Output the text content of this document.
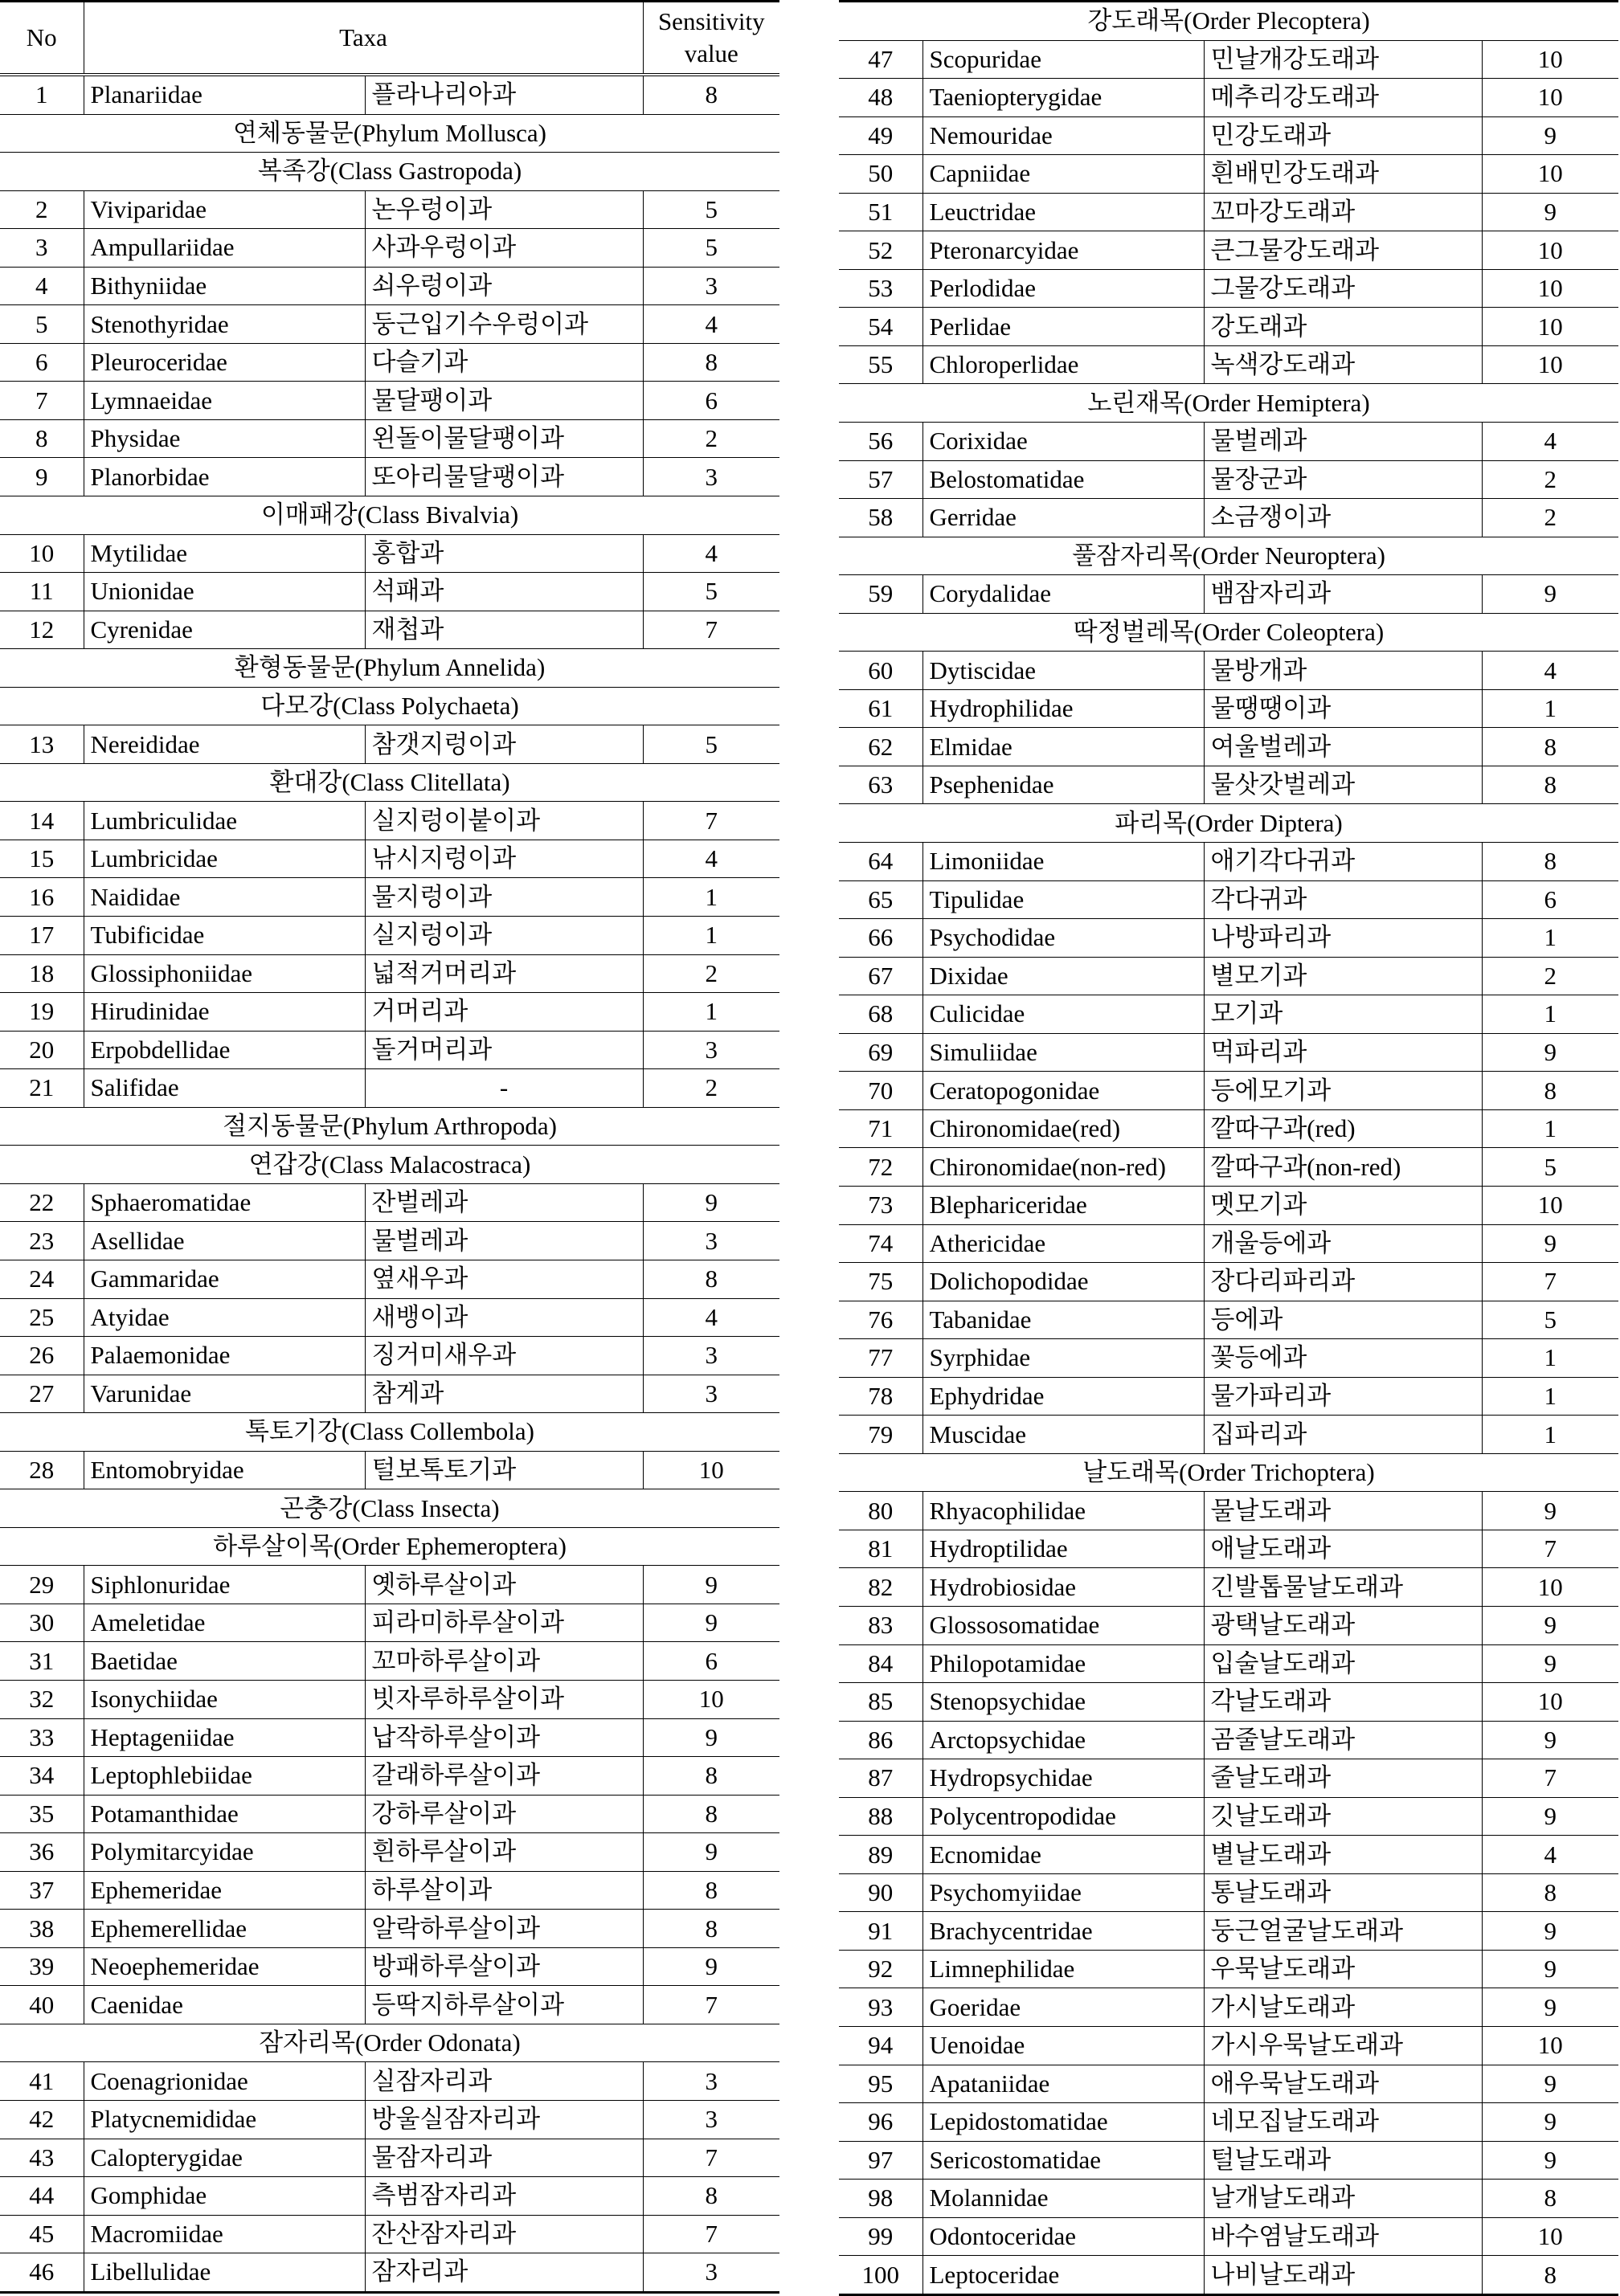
No	Taxa		Sensitivity
value

1	Planariidae	플라나리아과	8
연체동물문(Phylum Mollusca)			
복족강(Class Gastropoda)			
2	Viviparidae	논우렁이과	5
3	Ampullariidae	사과우렁이과	5
4	Bithyniidae	쇠우렁이과	3
5	Stenothyridae	둥근입기수우렁이과	4
6	Pleuroceridae	다슬기과	8
7	Lymnaeidae	물달팽이과	6
8	Physidae	왼돌이물달팽이과	2
9	Planorbidae	또아리물달팽이과	3
이매패강(Class Bivalvia)			
10	Mytilidae	홍합과	4
11	Unionidae	석패과	5
12	Cyrenidae	재첩과	7
환형동물문(Phylum Annelida)			
다모강(Class Polychaeta)			
13	Nereididae	참갯지렁이과	5
환대강(Class Clitellata)			
14	Lumbriculidae	실지렁이붙이과	7
15	Lumbricidae	낚시지렁이과	4
16	Naididae	물지렁이과	1
17	Tubificidae	실지렁이과	1
18	Glossiphoniidae	넓적거머리과	2
19	Hirudinidae	거머리과	1
20	Erpobdellidae	돌거머리과	3
21	Salifidae	-	2
절지동물문(Phylum Arthropoda)			
연갑강(Class Malacostraca)			
22	Sphaeromatidae	잔벌레과	9
23	Asellidae	물벌레과	3
24	Gammaridae	옆새우과	8
25	Atyidae	새뱅이과	4
26	Palaemonidae	징거미새우과	3
27	Varunidae	참게과	3
톡토기강(Class Collembola)			
28	Entomobryidae	털보톡토기과	10
곤충강(Class Insecta)			
하루살이목(Order Ephemeroptera)			
29	Siphlonuridae	옛하루살이과	9
30	Ameletidae	피라미하루살이과	9
31	Baetidae	꼬마하루살이과	6
32	Isonychiidae	빗자루하루살이과	10
33	Heptageniidae	납작하루살이과	9
34	Leptophlebiidae	갈래하루살이과	8
35	Potamanthidae	강하루살이과	8
36	Polymitarcyidae	흰하루살이과	9
37	Ephemeridae	하루살이과	8
38	Ephemerellidae	알락하루살이과	8
39	Neoephemeridae	방패하루살이과	9
40	Caenidae	등딱지하루살이과	7
잠자리목(Order Odonata)			
41	Coenagrionidae	실잠자리과	3
42	Platycnemididae	방울실잠자리과	3
43	Calopterygidae	물잠자리과	7
44	Gomphidae	측범잠자리과	8
45	Macromiidae	잔산잠자리과	7
46	Libellulidae	잠자리과	3
강도래목(Order Plecoptera)			
47	Scopuridae	민날개강도래과	10
48	Taeniopterygidae	메추리강도래과	10
49	Nemouridae	민강도래과	9
50	Capniidae	흰배민강도래과	10
51	Leuctridae	꼬마강도래과	9
52	Pteronarcyidae	큰그물강도래과	10
53	Perlodidae	그물강도래과	10
54	Perlidae	강도래과	10
55	Chloroperlidae	녹색강도래과	10
노린재목(Order Hemiptera)			
56	Corixidae	물벌레과	4
57	Belostomatidae	물장군과	2
58	Gerridae	소금쟁이과	2
풀잠자리목(Order Neuroptera)			
59	Corydalidae	뱀잠자리과	9
딱정벌레목(Order Coleoptera)			
60	Dytiscidae	물방개과	4
61	Hydrophilidae	물땡땡이과	1
62	Elmidae	여울벌레과	8
63	Psephenidae	물삿갓벌레과	8
파리목(Order Diptera)			
64	Limoniidae	애기각다귀과	8
65	Tipulidae	각다귀과	6
66	Psychodidae	나방파리과	1
67	Dixidae	별모기과	2
68	Culicidae	모기과	1
69	Simuliidae	먹파리과	9
70	Ceratopogonidae	등에모기과	8
71	Chironomidae(red)	깔따구과(red)	1
72	Chironomidae(non-red)	깔따구과(non-red)	5
73	Blephariceridae	멧모기과	10
74	Athericidae	개울등에과	9
75	Dolichopodidae	장다리파리과	7
76	Tabanidae	등에과	5
77	Syrphidae	꽃등에과	1
78	Ephydridae	물가파리과	1
79	Muscidae	집파리과	1
날도래목(Order Trichoptera)			
80	Rhyacophilidae	물날도래과	9
81	Hydroptilidae	애날도래과	7
82	Hydrobiosidae	긴발톱물날도래과	10
83	Glossosomatidae	광택날도래과	9
84	Philopotamidae	입술날도래과	9
85	Stenopsychidae	각날도래과	10
86	Arctopsychidae	곰줄날도래과	9
87	Hydropsychidae	줄날도래과	7
88	Polycentropodidae	깃날도래과	9
89	Ecnomidae	별날도래과	4
90	Psychomyiidae	통날도래과	8
91	Brachycentridae	둥근얼굴날도래과	9
92	Limnephilidae	우묵날도래과	9
93	Goeridae	가시날도래과	9
94	Uenoidae	가시우묵날도래과	10
95	Apataniidae	애우묵날도래과	9
96	Lepidostomatidae	네모집날도래과	9
97	Sericostomatidae	털날도래과	9
98	Molannidae	날개날도래과	8
99	Odontoceridae	바수염날도래과	10
100	Leptoceridae	나비날도래과	8
